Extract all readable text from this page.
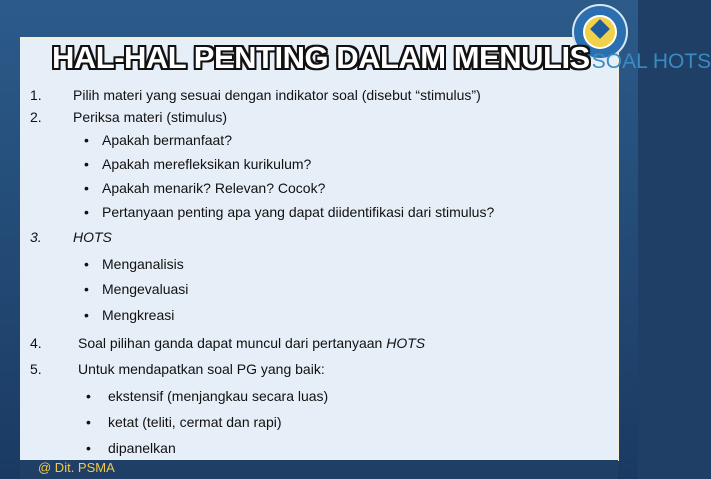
HAL-HAL PENTING DALAM MENULISSOAL HOTS
1. Pilih materi yang sesuai dengan indikator soal (disebut “stimulus”)
2. Periksa materi (stimulus)
• Apakah bermanfaat?
• Apakah merefleksikan kurikulum?
• Apakah menarik? Relevan? Cocok?
• Pertanyaan penting apa yang dapat diidentifikasi dari stimulus?
3. HOTS
• Menganalisis
• Mengevaluasi
• Mengkreasi
4.	Soal pilihan ganda dapat muncul dari pertanyaan HOTS
5.	Untuk mendapatkan soal PG yang baik:
• ekstensif (menjangkau secara luas)
• ketat (teliti, cermat dan rapi)
• dipanelkan
@ Dit. PSMA
